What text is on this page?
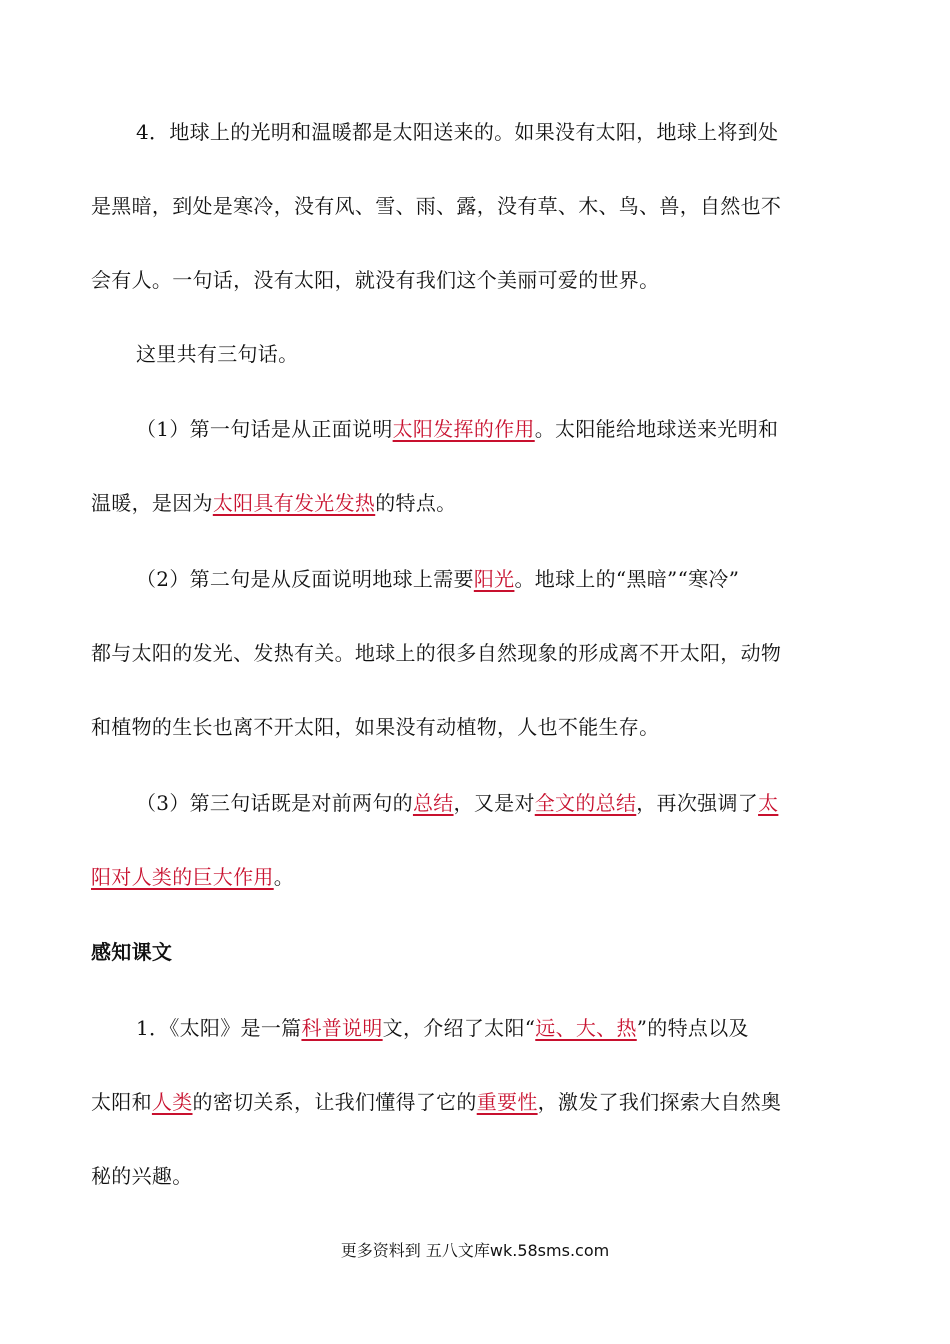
4．地球上的光明和温暖都是太阳送来的。如果没有太阳，地球上将到处
是黑暗，到处是寒冷，没有风、雪、雨、露，没有草、木、鸟、兽，自然也不
会有人。一句话，没有太阳，就没有我们这个美丽可爱的世界。
这里共有三句话。
（1）第一句话是从正面说明太阳发挥的作用。太阳能给地球送来光明和
温暖，是因为太阳具有发光发热的特点。
（2）第二句是从反面说明地球上需要阳光。地球上的“黑暗”“寒冷”
都与太阳的发光、发热有关。地球上的很多自然现象的形成离不开太阳，动物
和植物的生长也离不开太阳，如果没有动植物，人也不能生存。
（3）第三句话既是对前两句的总结，又是对全文的总结，再次强调了太
阳对人类的巨大作用。
感知课文
1．《太阳》是一篇科普说明文，介绍了太阳“远、大、热”的特点以及
太阳和人类的密切关系，让我们懂得了它的重要性，激发了我们探索大自然奥
秘的兴趣。
更多资料到 五八文库wk.58sms.com
